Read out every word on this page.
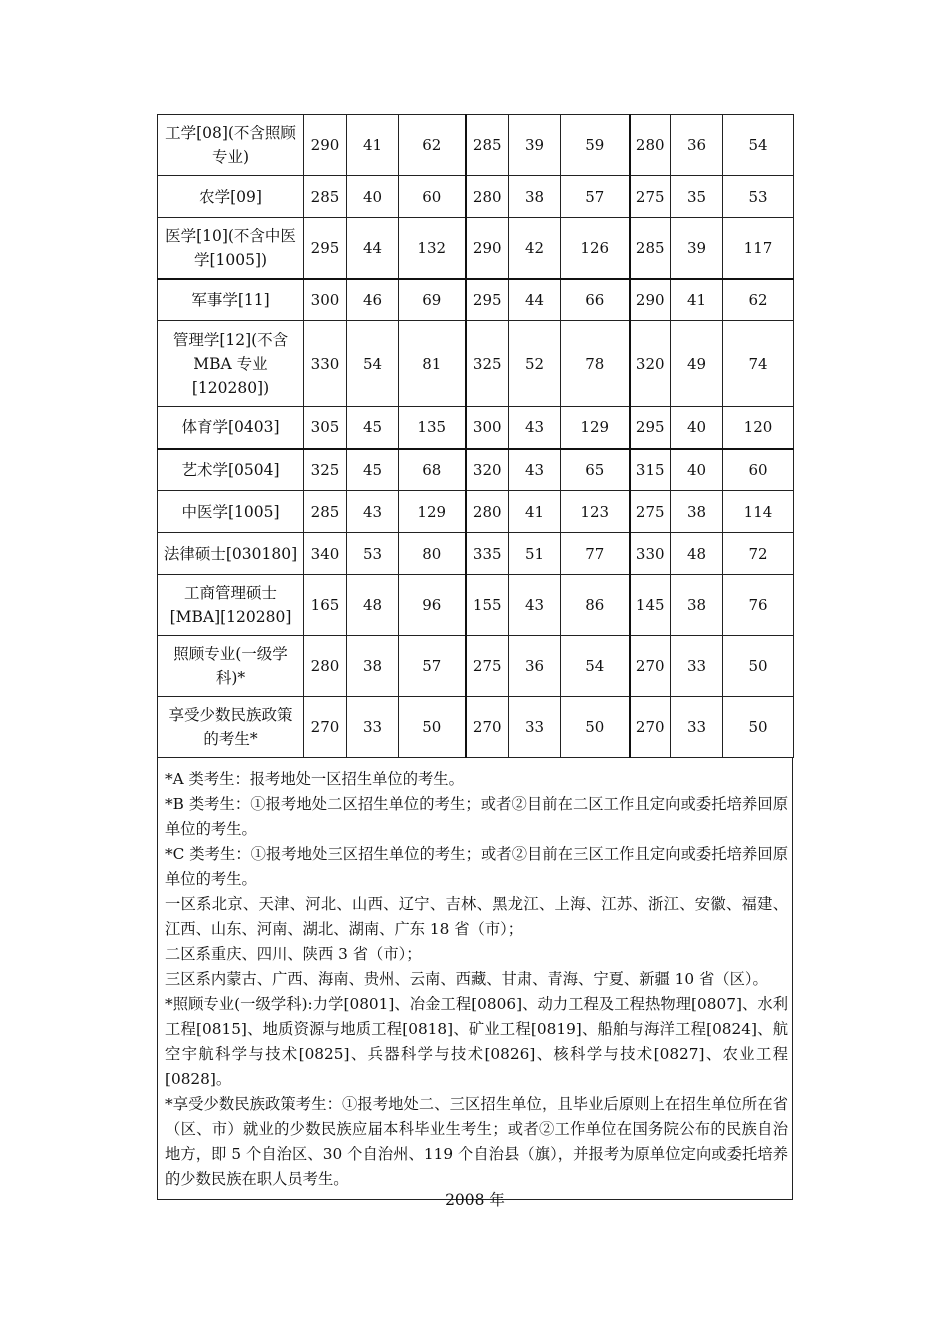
工学[08](不含照顾专业)	290	41	62	285	39	59	280	36	54	
农学[09]	285	40	60	280	38	57	275	35	53	
医学[10](不含中医学[1005])	295	44	132	290	42	126	285	39	117	
军事学[11]	300	46	69	295	44	66	290	41	62	
管理学[12](不含MBA 专业[120280])	330	54	81	325	52	78	320	49	74	
体育学[0403]	305	45	135	300	43	129	295	40	120	
艺术学[0504]	325	45	68	320	43	65	315	40	60	
中医学[1005]	285	43	129	280	41	123	275	38	114	
法律硕士[030180]	340	53	80	335	51	77	330	48	72	
工商管理硕士[MBA][120280]	165	48	96	155	43	86	145	38	76	
照顾专业(一级学科)*	280	38	57	275	36	54	270	33	50	
享受少数民族政策的考生*	270	33	50	270	33	50	270	33	50	

*A 类考生：报考地处一区招生单位的考生。

*B 类考生：①报考地处二区招生单位的考生；或者②目前在二区工作且定向或委托培养回原单位的考生。

*C 类考生：①报考地处三区招生单位的考生；或者②目前在三区工作且定向或委托培养回原单位的考生。

一区系北京、天津、河北、山西、辽宁、吉林、黑龙江、上海、江苏、浙江、安徽、福建、江西、山东、河南、湖北、湖南、广东 18 省（市）；

二区系重庆、四川、陕西 3 省（市）；

三区系内蒙古、广西、海南、贵州、云南、西藏、甘肃、青海、宁夏、新疆 10 省（区）。

*照顾专业(一级学科):力学[0801]、冶金工程[0806]、动力工程及工程热物理[0807]、水利工程[0815]、地质资源与地质工程[0818]、矿业工程[0819]、船舶与海洋工程[0824]、航空宇航科学与技术[0825]、兵器科学与技术[0826]、核科学与技术[0827]、农业工程[0828]。

*享受少数民族政策考生：①报考地处二、三区招生单位，且毕业后原则上在招生单位所在省（区、市）就业的少数民族应届本科毕业生考生；或者②工作单位在国务院公布的民族自治地方，即 5 个自治区、30 个自治州、119 个自治县（旗），并报考为原单位定向或委托培养的少数民族在职人员考生。

2008 年
